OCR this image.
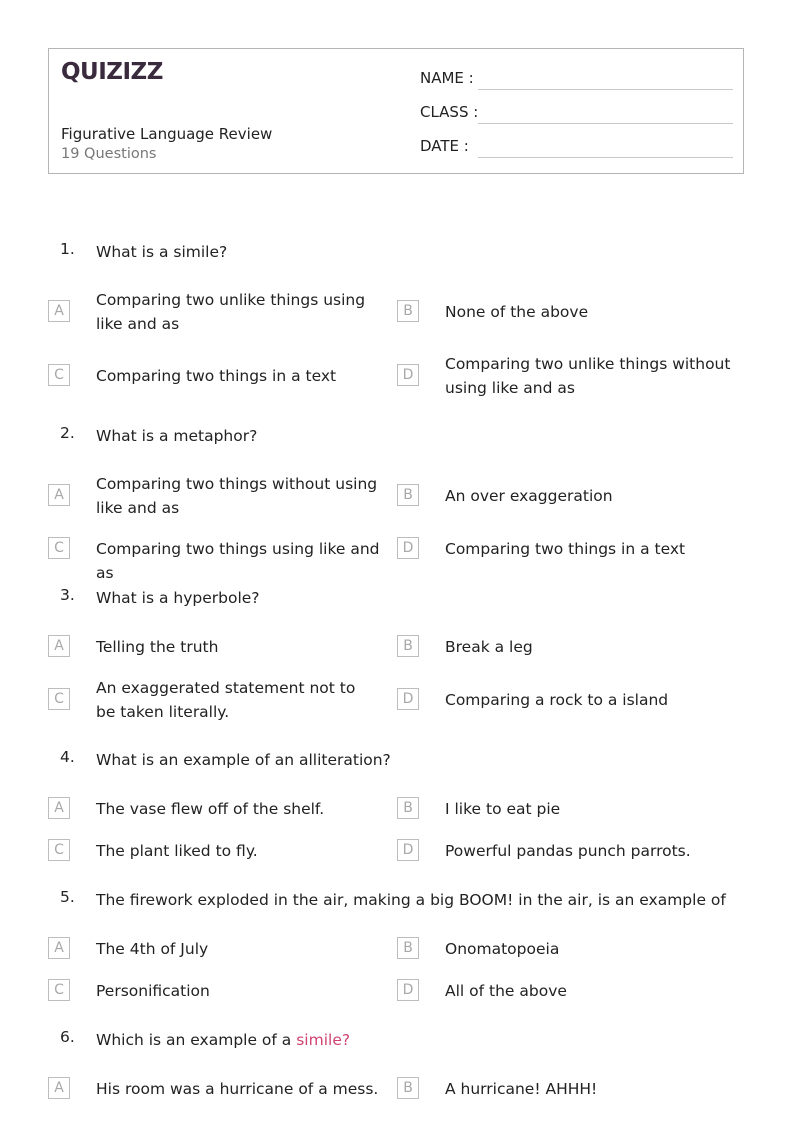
QUIZIZZ
Figurative Language Review
19 Questions
NAME :
CLASS :
DATE :
1.	What is a simile?
A
Comparing two unlike things using like and as
B	None of the above
C	Comparing two things in a text	D
Comparing two unlike things without using like and as
2.	What is a metaphor?
A
Comparing two things without using like and as
B	An over exaggeration
C	Comparing two things using like and as
D	Comparing two things in a text
3.	What is a hyperbole?
A	Telling the truth	B	Break a leg
C
An exaggerated statement not to be taken literally.
D	Comparing a rock to a island
4.	What is an example of an alliteration?
A	The vase flew off of the shelf.	B	I like to eat pie
C	The plant liked to fly.	D	Powerful pandas punch parrots.
5.	The firework exploded in the air, making a big BOOM! in the air, is an example of
A	The 4th of July	B	Onomatopoeia
C	Personification	D	All of the above
6.	Which is an example of a simile?
A	His room was a hurricane of a mess.	B	A hurricane! AHHH!
